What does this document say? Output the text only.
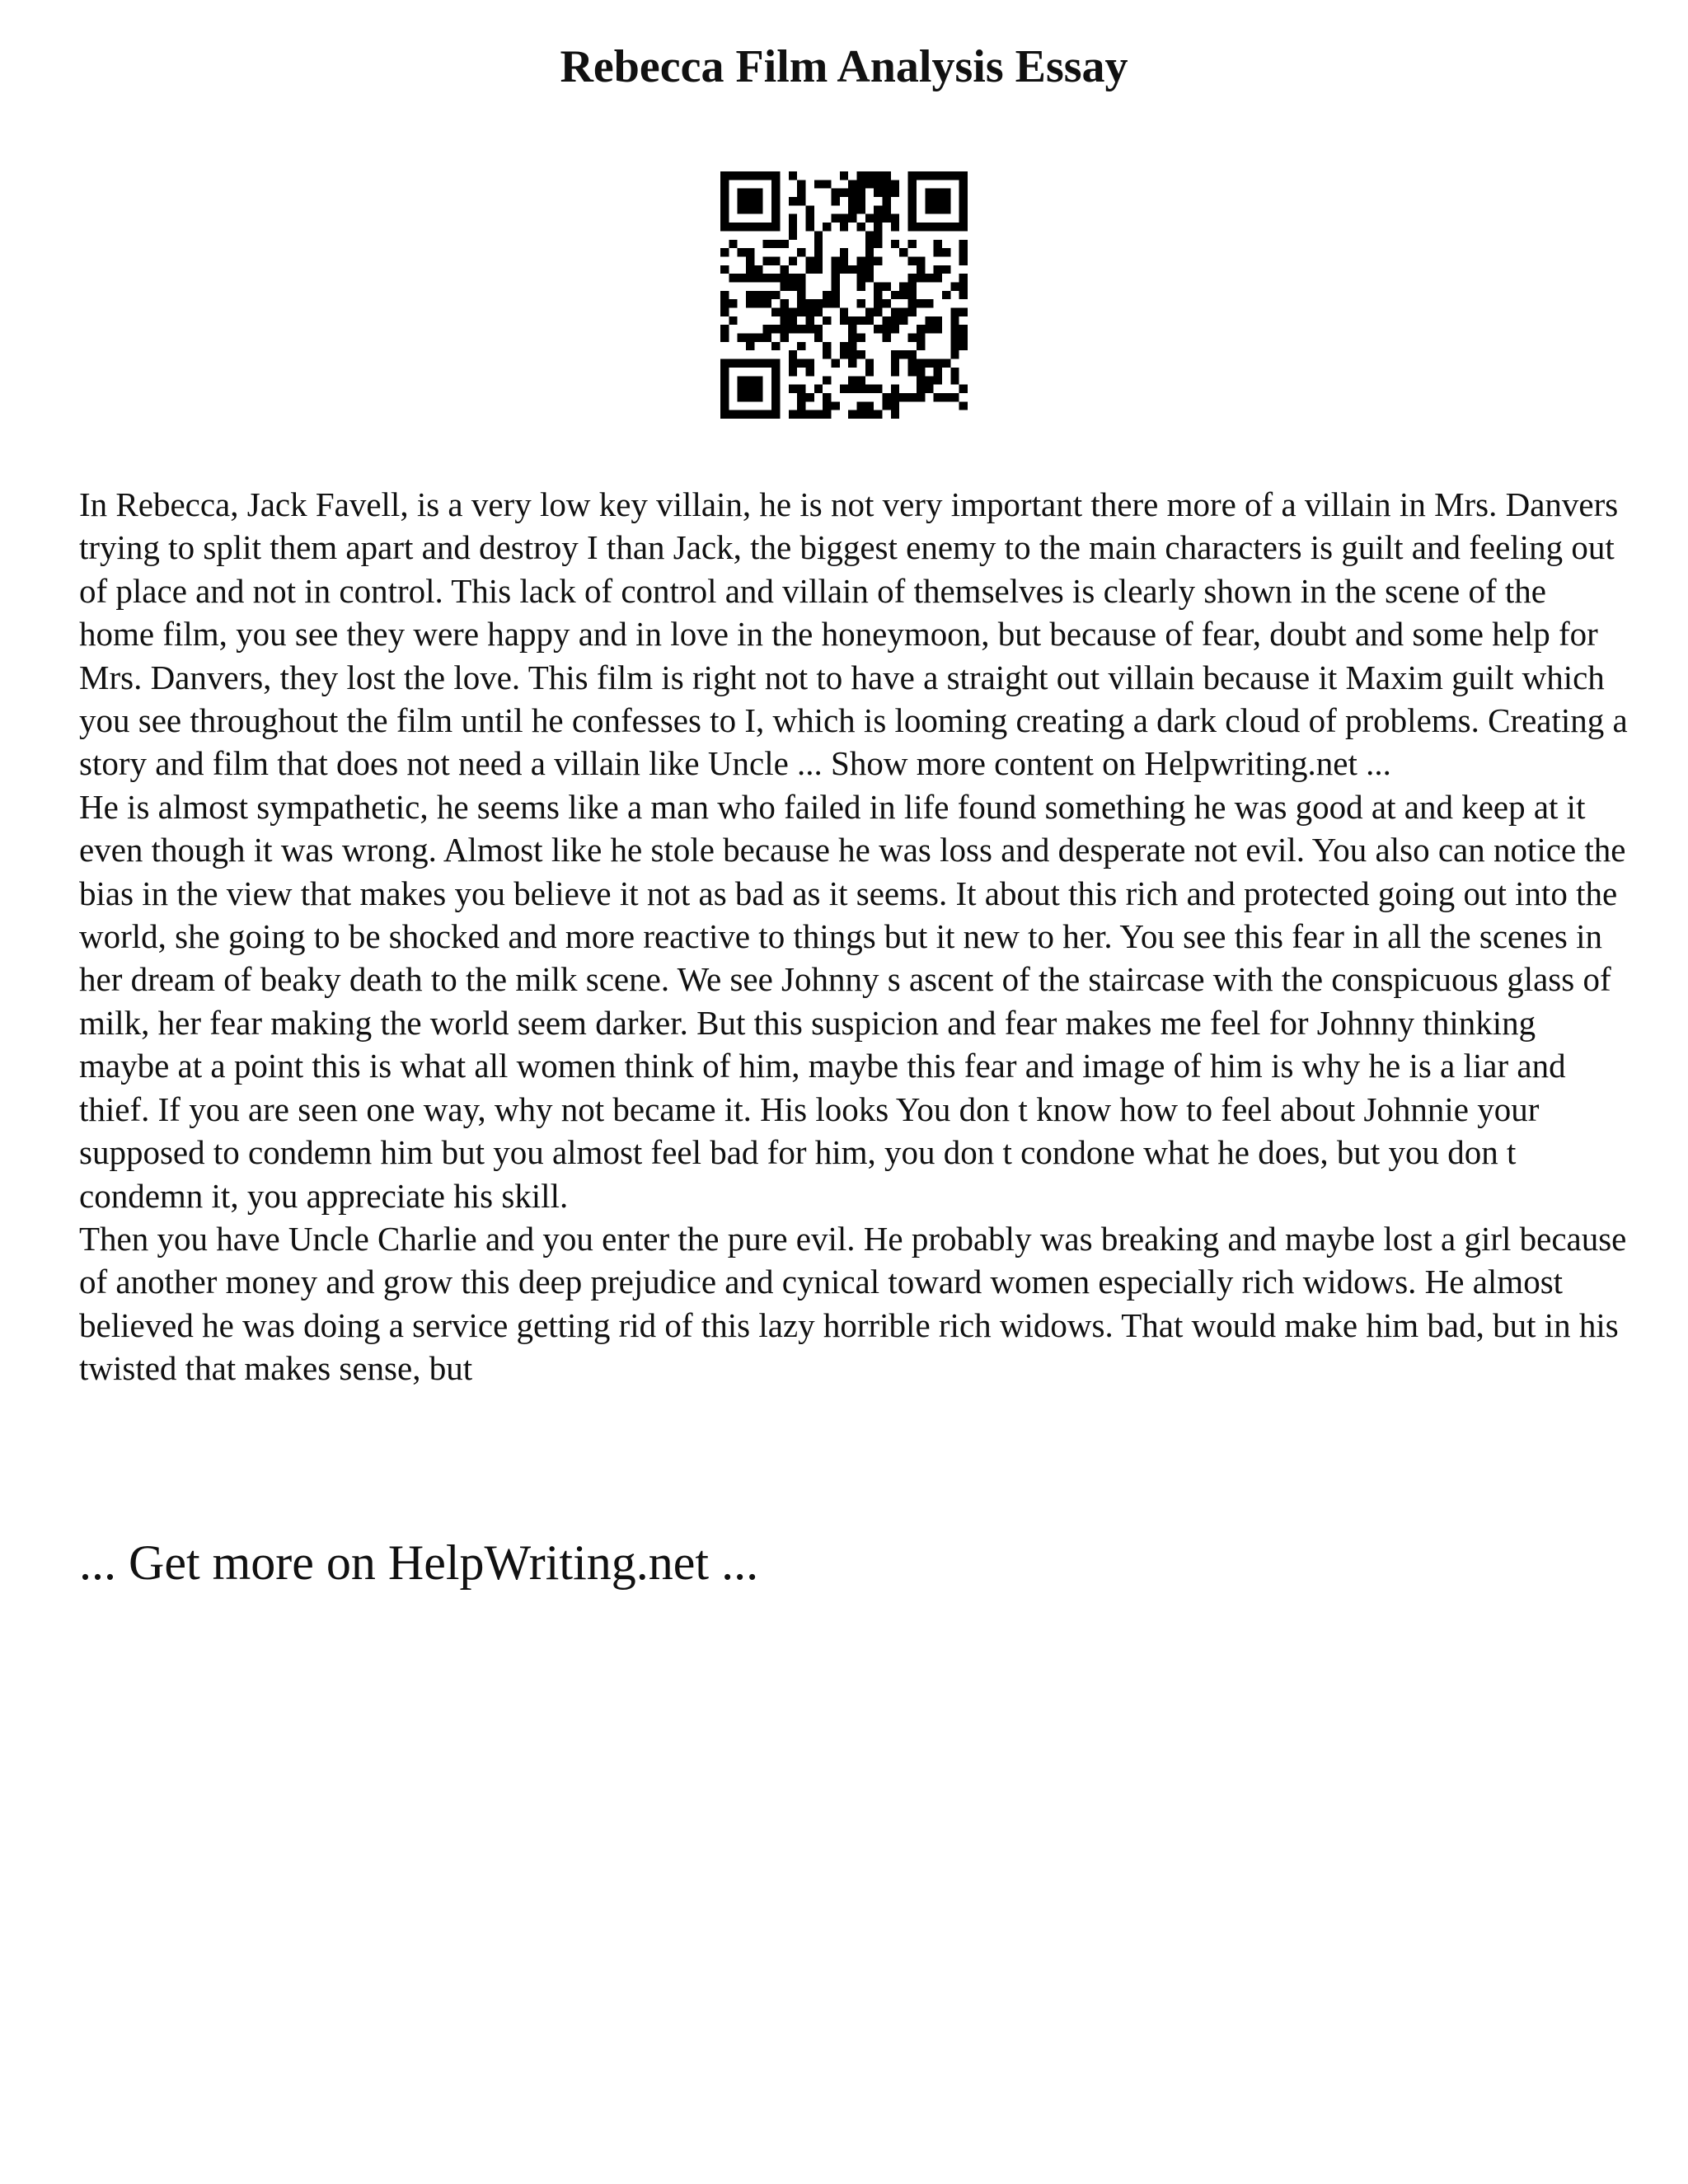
Rebecca Film Analysis Essay

In Rebecca, Jack Favell, is a very low key villain, he is not very important there more of a villain in Mrs. Danvers trying to split them apart and destroy I than Jack, the biggest enemy to the main characters is guilt and feeling out of place and not in control. This lack of control and villain of themselves is clearly shown in the scene of the home film, you see they were happy and in love in the honeymoon, but because of fear, doubt and some help for Mrs. Danvers, they lost the love. This film is right not to have a straight out villain because it Maxim guilt which you see throughout the film until he confesses to I, which is looming creating a dark cloud of problems. Creating a story and film that does not need a villain like Uncle ... Show more content on Helpwriting.net ...

He is almost sympathetic, he seems like a man who failed in life found something he was good at and keep at it even though it was wrong. Almost like he stole because he was loss and desperate not evil. You also can notice the bias in the view that makes you believe it not as bad as it seems. It about this rich and protected going out into the world, she going to be shocked and more reactive to things but it new to her. You see this fear in all the scenes in her dream of beaky death to the milk scene. We see Johnny s ascent of the staircase with the conspicuous glass of milk, her fear making the world seem darker. But this suspicion and fear makes me feel for Johnny thinking maybe at a point this is what all women think of him, maybe this fear and image of him is why he is a liar and thief. If you are seen one way, why not became it. His looks You don t know how to feel about Johnnie your supposed to condemn him but you almost feel bad for him, you don t condone what he does, but you don t condemn it, you appreciate his skill.

Then you have Uncle Charlie and you enter the pure evil. He probably was breaking and maybe lost a girl because of another money and grow this deep prejudice and cynical toward women especially rich widows. He almost believed he was doing a service getting rid of this lazy horrible rich widows. That would make him bad, but in his twisted that makes sense, but

... Get more on HelpWriting.net ...
